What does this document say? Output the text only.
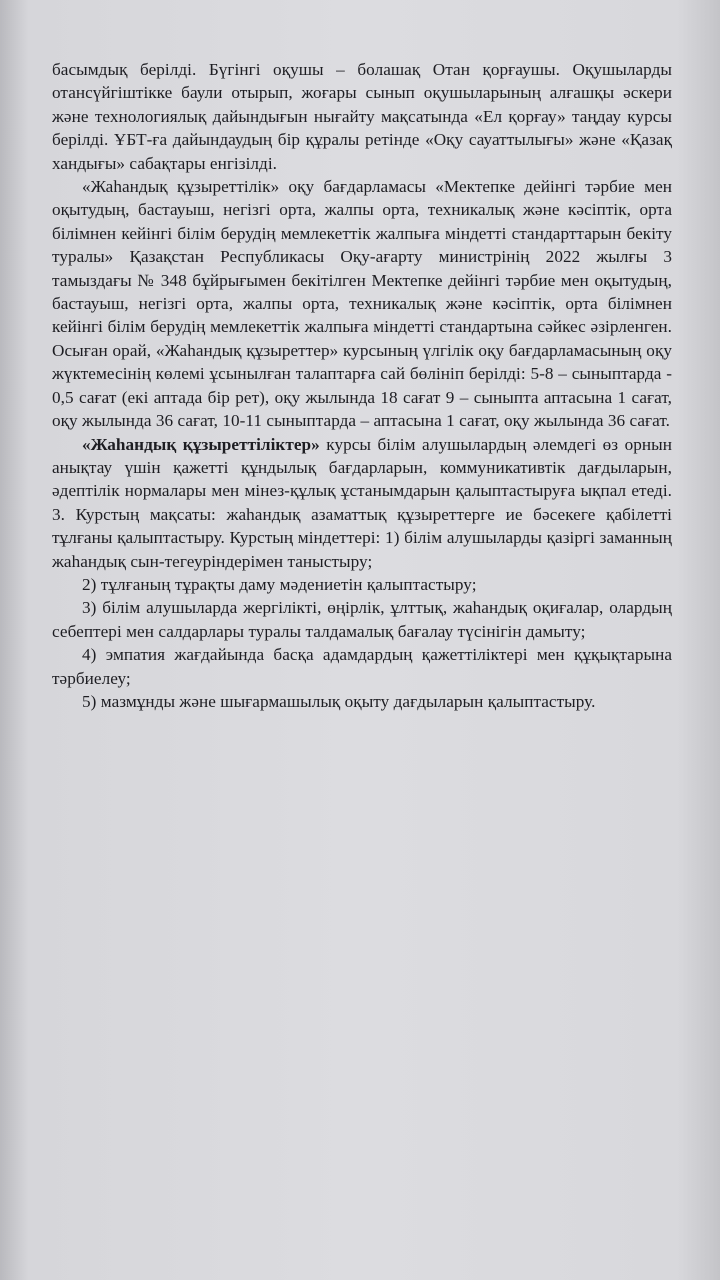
басымдық берілді. Бүгінгі оқушы – болашақ Отан қорғаушы. Оқушыларды отансүйгіштікке баули отырып, жоғары сынып оқушыларының алғашқы әскери және технологиялық дайындығын нығайту мақсатында «Ел қорғау» таңдау курсы берілді. ҰБТ-ға дайындаудың бір құралы ретінде «Оқу сауаттылығы» және «Қазақ хандығы» сабақтары енгізілді.

«Жаһандық құзыреттілік» оқу бағдарламасы «Мектепке дейінгі тәрбие мен оқытудың, бастауыш, негізгі орта, жалпы орта, техникалық және кәсіптік, орта білімнен кейінгі білім берудің мемлекеттік жалпыға міндетті стандарттарын бекіту туралы» Қазақстан Республикасы Оқу-ағарту министрінің 2022 жылғы 3 тамыздағы № 348 бұйрығымен бекітілген Мектепке дейінгі тәрбие мен оқытудың, бастауыш, негізгі орта, жалпы орта, техникалық және кәсіптік, орта білімнен кейінгі білім берудің мемлекеттік жалпыға міндетті стандартына сәйкес әзірленген. Осыған орай, «Жаһандық құзыреттер» курсының үлгілік оқу бағдарламасының оқу жүктемесінің көлемі ұсынылған талаптарға сай бөлініп берілді: 5-8 – сыныптарда - 0,5 сағат (екі аптада бір рет), оқу жылында 18 сағат 9 – сыныпта аптасына 1 сағат, оқу жылында 36 сағат, 10-11 сыныптарда – аптасына 1 сағат, оқу жылында 36 сағат.

«Жаһандық құзыреттіліктер» курсы білім алушылардың әлемдегі өз орнын анықтау үшін қажетті құндылық бағдарларын, коммуникативтік дағдыларын, әдептілік нормалары мен мінез-құлық ұстанымдарын қалыптастыруға ықпал етеді. 3. Курстың мақсаты: жаһандық азаматтық құзыреттерге ие бәсекеге қабілетті тұлғаны қалыптастыру. Курстың міндеттері: 1) білім алушыларды қазіргі заманның жаһандық сын-тегеуріндерімен таныстыру;

2) тұлғаның тұрақты даму мәдениетін қалыптастыру;

3) білім алушыларда жергілікті, өңірлік, ұлттық, жаһандық оқиғалар, олардың себептері мен салдарлары туралы талдамалық бағалау түсінігін дамыту;

4) эмпатия жағдайында басқа адамдардың қажеттіліктері мен құқықтарына тәрбиелеу;

5) мазмұнды және шығармашылық оқыту дағдыларын қалыптастыру.
